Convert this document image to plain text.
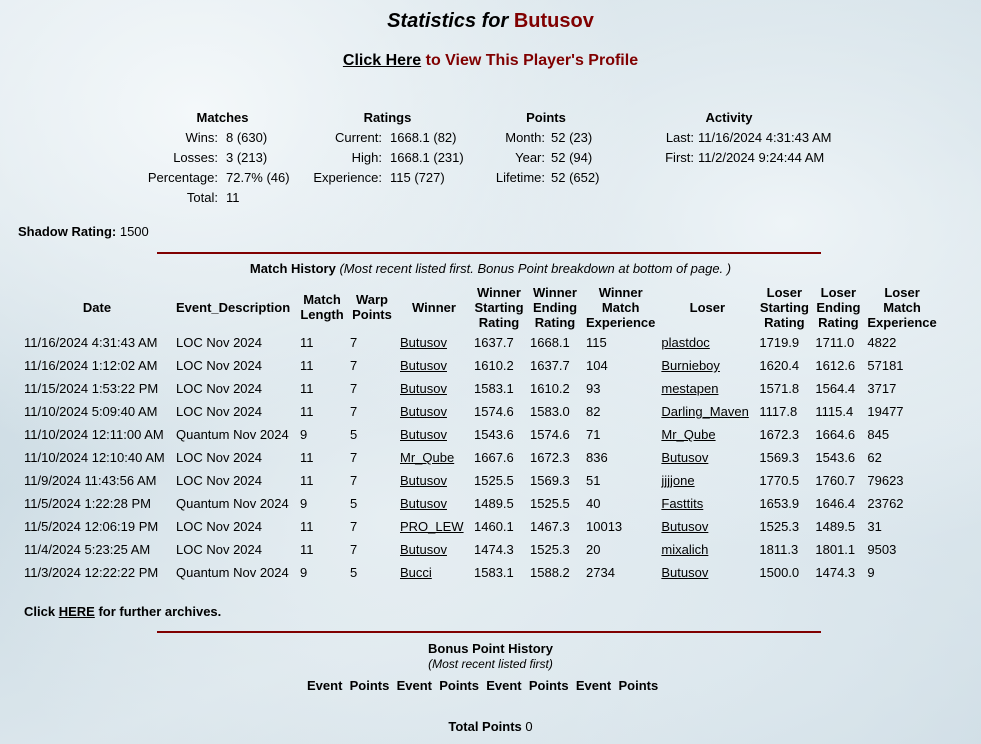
Statistics for Butusov
Click Here to View This Player's Profile
Matches
Wins: 8 (630)
Losses: 3 (213)
Percentage: 72.7% (46)
Total: 11
Ratings
Current: 1668.1 (82)
High: 1668.1 (231)
Experience: 115 (727)
Points
Month: 52 (23)
Year: 52 (94)
Lifetime: 52 (652)
Activity
Last: 11/16/2024 4:31:43 AM
First: 11/2/2024 9:24:44 AM
Shadow Rating: 1500
Match History (Most recent listed first. Bonus Point breakdown at bottom of page. )
Date	Event_Description	Match
Length	Warp
Points	Winner	Winner
Starting
Rating	Winner
Ending
Rating	Winner
Match
Experience	Loser	Loser
Starting
Rating	Loser
Ending
Rating	Loser
Match
Experience
11/16/2024 4:31:43 AM	LOC Nov 2024	11	7	Butusov	1637.7	1668.1	115	plastdoc	1719.9	1711.0	4822
11/16/2024 1:12:02 AM	LOC Nov 2024	11	7	Butusov	1610.2	1637.7	104	Burnieboy	1620.4	1612.6	57181
11/15/2024 1:53:22 PM	LOC Nov 2024	11	7	Butusov	1583.1	1610.2	93	mestapen	1571.8	1564.4	3717
11/10/2024 5:09:40 AM	LOC Nov 2024	11	7	Butusov	1574.6	1583.0	82	Darling_Maven	1117.8	1115.4	19477
11/10/2024 12:11:00 AM	Quantum Nov 2024	9	5	Butusov	1543.6	1574.6	71	Mr_Qube	1672.3	1664.6	845
11/10/2024 12:10:40 AM	LOC Nov 2024	11	7	Mr_Qube	1667.6	1672.3	836	Butusov	1569.3	1543.6	62
11/9/2024 11:43:56 AM	LOC Nov 2024	11	7	Butusov	1525.5	1569.3	51	jjjjone	1770.5	1760.7	79623
11/5/2024 1:22:28 PM	Quantum Nov 2024	9	5	Butusov	1489.5	1525.5	40	Fasttits	1653.9	1646.4	23762
11/5/2024 12:06:19 PM	LOC Nov 2024	11	7	PRO_LEW	1460.1	1467.3	10013	Butusov	1525.3	1489.5	31
11/4/2024 5:23:25 AM	LOC Nov 2024	11	7	Butusov	1474.3	1525.3	20	mixalich	1811.3	1801.1	9503
11/3/2024 12:22:22 PM	Quantum Nov 2024	9	5	Bucci	1583.1	1588.2	2734	Butusov	1500.0	1474.3	9
Click HERE for further archives.
Bonus Point History
(Most recent listed first)
Event Points Event Points Event Points Event Points
Total Points 0
